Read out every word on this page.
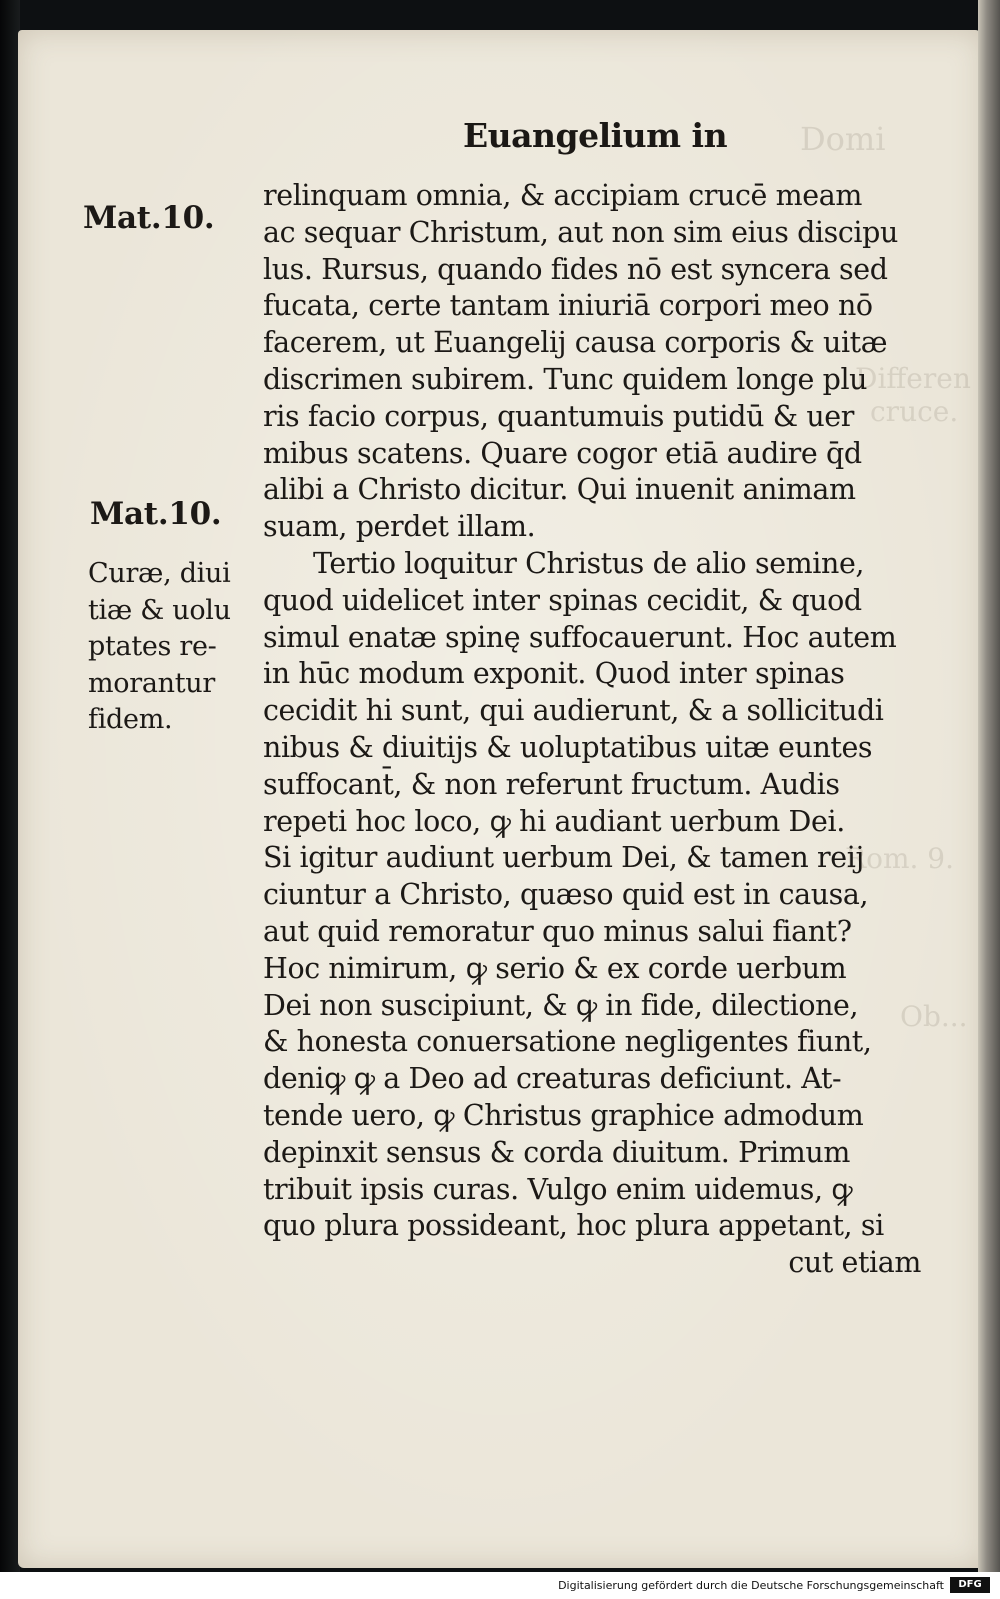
Domi
Differen
cruce.
Rom. 9.
Ob...
Euangelium in
Mat.10.
Mat.10.
Curæ, diui
tiæ & uolu
ptates re-
morantur
fidem.
relinquam omnia, & accipiam crucē meam
ac sequar Christum, aut non sim eius discipu
lus. Rursus, quando fides nō est syncera sed
fucata, certe tantam iniuriā corpori meo nō
facerem, ut Euangelij causa corporis & uitæ
discrimen subirem. Tunc quidem longe plu
ris facio corpus, quantumuis putidū & uer
mibus scatens. Quare cogor etiā audire q̄d
alibi a Christo dicitur. Qui inuenit animam
suam, perdet illam.
Tertio loquitur Christus de alio semine,
quod uidelicet inter spinas cecidit, & quod
simul enatæ spinę suffocauerunt. Hoc autem
in hūc modum exponit. Quod inter spinas
cecidit hi sunt, qui audierunt, & a sollicitudi
nibus & diuitijs & uoluptatibus uitæ euntes
suffocant̄, & non referunt fructum. Audis
repeti hoc loco, ꝙ hi audiant uerbum Dei.
Si igitur audiunt uerbum Dei, & tamen reij
ciuntur a Christo, quæso quid est in causa,
aut quid remoratur quo minus salui fiant?
Hoc nimirum, ꝙ serio & ex corde uerbum
Dei non suscipiunt, & ꝙ in fide, dilectione,
& honesta conuersatione negligentes fiunt,
deniꝙ ꝙ a Deo ad creaturas deficiunt. At-
tende uero, ꝙ Christus graphice admodum
depinxit sensus & corda diuitum. Primum
tribuit ipsis curas. Vulgo enim uidemus, ꝙ
quo plura possideant, hoc plura appetant, si
cut etiam
Digitalisierung gefördert durch die Deutsche Forschungsgemeinschaft	DFG
